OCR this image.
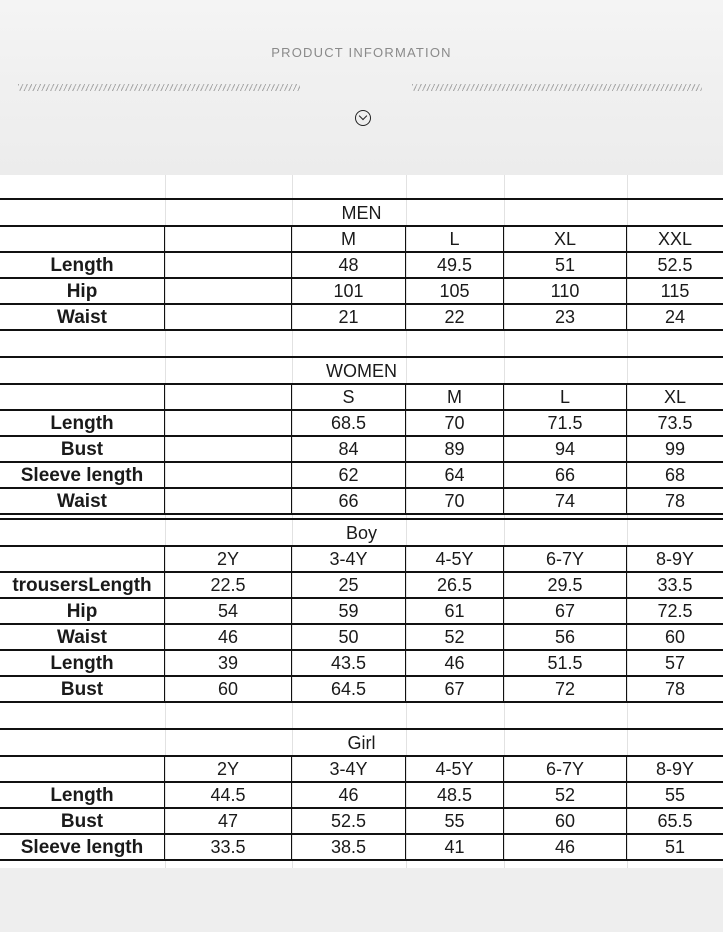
PRODUCT INFORMATION
MEN
M	L	XL	XXL
Length	48	49.5	51	52.5
Hip	101	105	110	115
Waist	21	22	23	24
WOMEN
S	M	L	XL
Length	68.5	70	71.5	73.5
Bust	84	89	94	99
Sleeve length	62	64	66	68
Waist	66	70	74	78
Boy
2Y	3-4Y	4-5Y	6-7Y	8-9Y
trousersLength	22.5	25	26.5	29.5	33.5
Hip	54	59	61	67	72.5
Waist	46	50	52	56	60
Length	39	43.5	46	51.5	57
Bust	60	64.5	67	72	78
Girl
2Y	3-4Y	4-5Y	6-7Y	8-9Y
Length	44.5	46	48.5	52	55
Bust	47	52.5	55	60	65.5
Sleeve length	33.5	38.5	41	46	51
